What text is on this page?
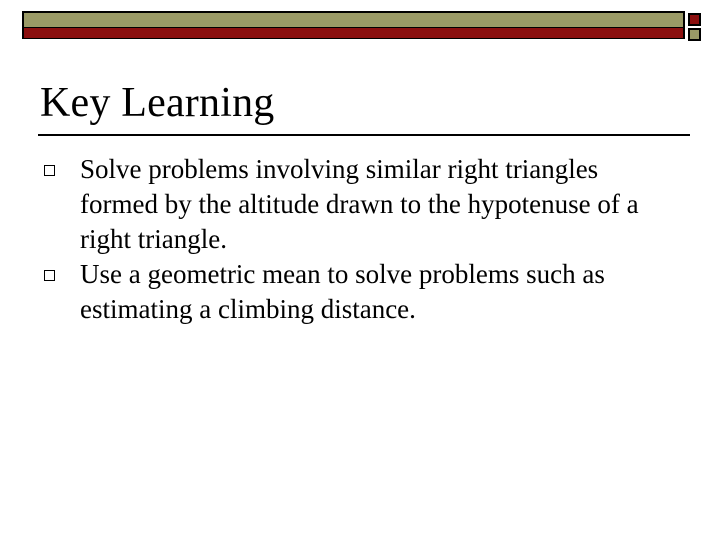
Key Learning
Solve problems involving similar right triangles formed by the altitude drawn to the hypotenuse of a right triangle.
Use a geometric mean to solve problems such as estimating a climbing distance.
